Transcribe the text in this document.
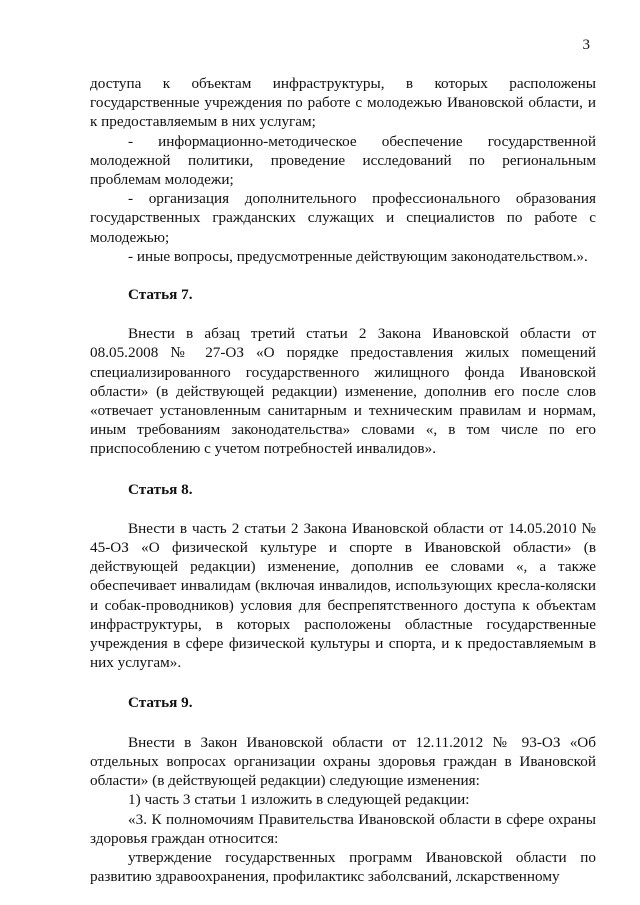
3

доступа к объектам инфраструктуры, в которых расположены государственные учреждения по работе с молодежью Ивановской области, и к предоставляемым в них услугам;

- информационно-методическое обеспечение государственной молодежной политики, проведение исследований по региональным проблемам молодежи;

- организация дополнительного профессионального образования государственных гражданских служащих и специалистов по работе с молодежью;

- иные вопросы, предусмотренные действующим законодательством.».

Статья 7.

Внести в абзац третий статьи 2 Закона Ивановской области от 08.05.2008 № 27-ОЗ «О порядке предоставления жилых помещений специализированного государственного жилищного фонда Ивановской области» (в действующей редакции) изменение, дополнив его после слов «отвечает установленным санитарным и техническим правилам и нормам, иным требованиям законодательства» словами «, в том числе по его приспособлению с учетом потребностей инвалидов».

Статья 8.

Внести в часть 2 статьи 2 Закона Ивановской области от 14.05.2010 № 45-ОЗ «О физической культуре и спорте в Ивановской области» (в действующей редакции) изменение, дополнив ее словами «, а также обеспечивает инвалидам (включая инвалидов, использующих кресла-коляски и собак-проводников) условия для беспрепятственного доступа к объектам инфраструктуры, в которых расположены областные государственные учреждения в сфере физической культуры и спорта, и к предоставляемым в них услугам».

Статья 9.

Внести в Закон Ивановской области от 12.11.2012 № 93-ОЗ «Об отдельных вопросах организации охраны здоровья граждан в Ивановской области» (в действующей редакции) следующие изменения:

1) часть 3 статьи 1 изложить в следующей редакции:

«3. К полномочиям Правительства Ивановской области в сфере охраны здоровья граждан относится:

утверждение государственных программ Ивановской области по развитию здравоохранения, профилактикс заболсваний, лскарственному
